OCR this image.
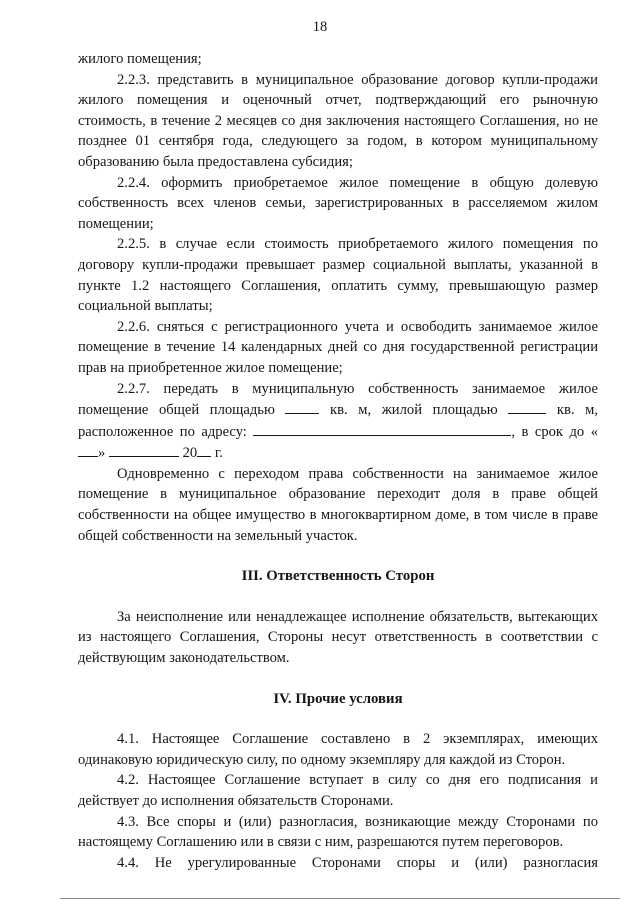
18

жилого помещения;

2.2.3. представить в муниципальное образование договор купли-продажи жилого помещения и оценочный отчет, подтверждающий его рыночную стоимость, в течение 2 месяцев со дня заключения настоящего Соглашения, но не позднее 01 сентября года, следующего за годом, в котором муниципальному образованию была предоставлена субсидия;

2.2.4. оформить приобретаемое жилое помещение в общую долевую собственность всех членов семьи, зарегистрированных в расселяемом жилом помещении;

2.2.5. в случае если стоимость приобретаемого жилого помещения по договору купли-продажи превышает размер социальной выплаты, указанной в пункте 1.2 настоящего Соглашения, оплатить сумму, превышающую размер социальной выплаты;

2.2.6. сняться с регистрационного учета и освободить занимаемое жилое помещение в течение 14 календарных дней со дня государственной регистрации прав на приобретенное жилое помещение;

2.2.7. передать в муниципальную собственность занимаемое жилое помещение общей площадью	кв. м, жилой площадью	кв. м, расположенное по адресу:	, в срок до «»	20 г.

Одновременно с переходом права собственности на занимаемое жилое помещение в муниципальное образование переходит доля в праве общей собственности на общее имущество в многоквартирном доме, в том числе в праве общей собственности на земельный участок.

III. Ответственность Сторон

За неисполнение или ненадлежащее исполнение обязательств, вытекающих из настоящего Соглашения, Стороны несут ответственность в соответствии с действующим законодательством.

IV. Прочие условия

4.1. Настоящее Соглашение составлено в 2 экземплярах, имеющих одинаковую юридическую силу, по одному экземпляру для каждой из Сторон.

4.2. Настоящее Соглашение вступает в силу со дня его подписания и действует до исполнения обязательств Сторонами.

4.3. Все споры и (или) разногласия, возникающие между Сторонами по настоящему Соглашению или в связи с ним, разрешаются путем переговоров.

4.4. Не урегулированные Сторонами споры и (или) разногласия
